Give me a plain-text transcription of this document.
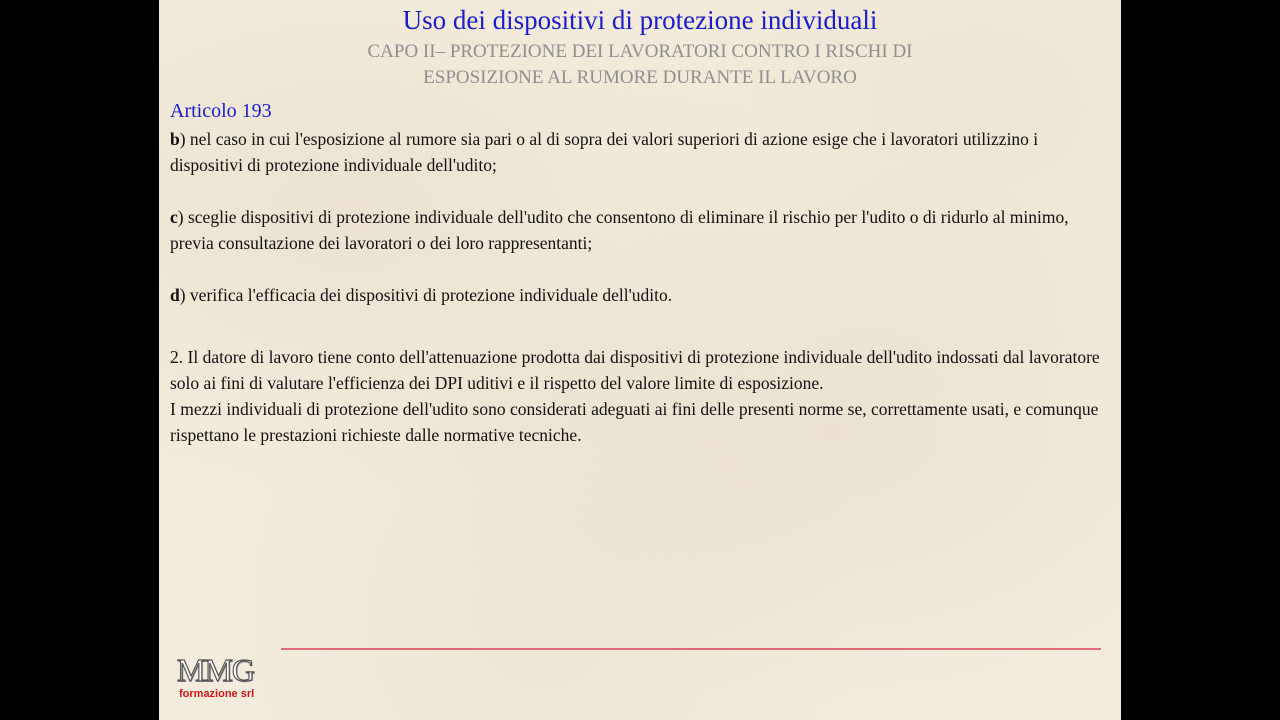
Uso dei dispositivi di protezione individuali
CAPO II– PROTEZIONE DEI LAVORATORI CONTRO I RISCHI DI
ESPOSIZIONE AL RUMORE DURANTE IL LAVORO
Articolo 193

b) nel caso in cui l'esposizione al rumore sia pari o al di sopra dei valori superiori di azione esige che i lavoratori utilizzino i dispositivi di protezione individuale dell'udito;

c) sceglie dispositivi di protezione individuale dell'udito che consentono di eliminare il rischio per l'udito o di ridurlo al minimo, previa consultazione dei lavoratori o dei loro rappresentanti;

d) verifica l'efficacia dei dispositivi di protezione individuale dell'udito.

2. Il datore di lavoro tiene conto dell'attenuazione prodotta dai dispositivi di protezione individuale dell'udito indossati dal lavoratore solo ai fini di valutare l'efficienza dei DPI uditivi e il rispetto del valore limite di esposizione.

I mezzi individuali di protezione dell'udito sono considerati adeguati ai fini delle presenti norme se, correttamente usati, e comunque rispettano le prestazioni richieste dalle normative tecniche.

MMG
formazione srl
